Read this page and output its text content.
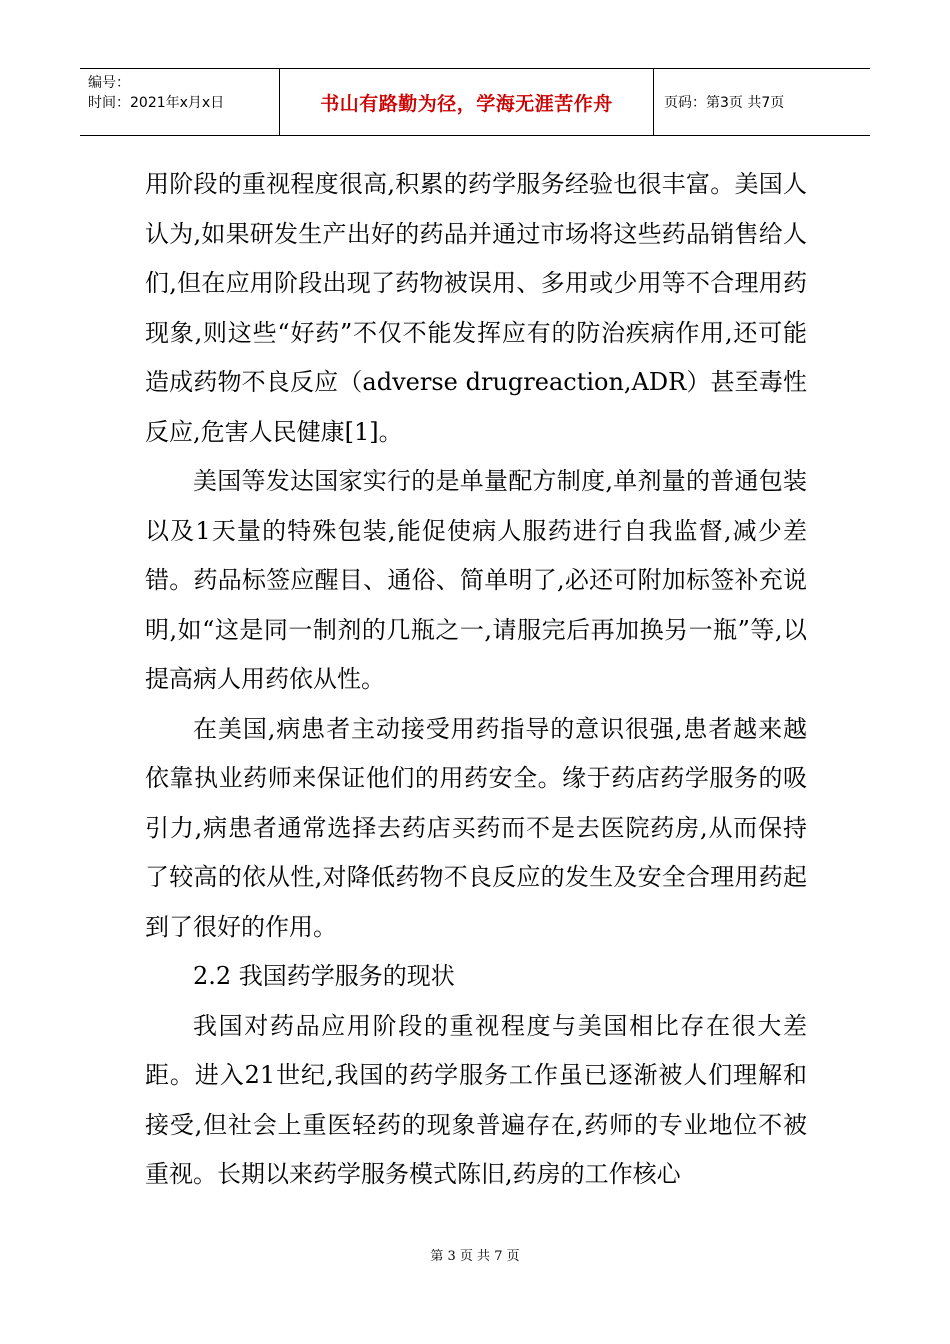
编号：
时间：2021年x月x日	书山有路勤为径，学海无涯苦作舟	页码：第3页 共7页

用阶段的重视程度很高,积累的药学服务经验也很丰富。美国人认为,如果研发生产出好的药品并通过市场将这些药品销售给人们,但在应用阶段出现了药物被误用、多用或少用等不合理用药现象,则这些“好药”不仅不能发挥应有的防治疾病作用,还可能造成药物不良反应（adverse drugreaction,ADR）甚至毒性反应,危害人民健康[1]。

美国等发达国家实行的是单量配方制度,单剂量的普通包装以及1天量的特殊包装,能促使病人服药进行自我监督,减少差错。药品标签应醒目、通俗、简单明了,必还可附加标签补充说明,如“这是同一制剂的几瓶之一,请服完后再加换另一瓶”等,以提高病人用药依从性。

在美国,病患者主动接受用药指导的意识很强,患者越来越依靠执业药师来保证他们的用药安全。缘于药店药学服务的吸引力,病患者通常选择去药店买药而不是去医院药房,从而保持了较高的依从性,对降低药物不良反应的发生及安全合理用药起到了很好的作用。

2.2 我国药学服务的现状

我国对药品应用阶段的重视程度与美国相比存在很大差距。进入21世纪,我国的药学服务工作虽已逐渐被人们理解和接受,但社会上重医轻药的现象普遍存在,药师的专业地位不被重视。长期以来药学服务模式陈旧,药房的工作核心

第 3 页 共 7 页
